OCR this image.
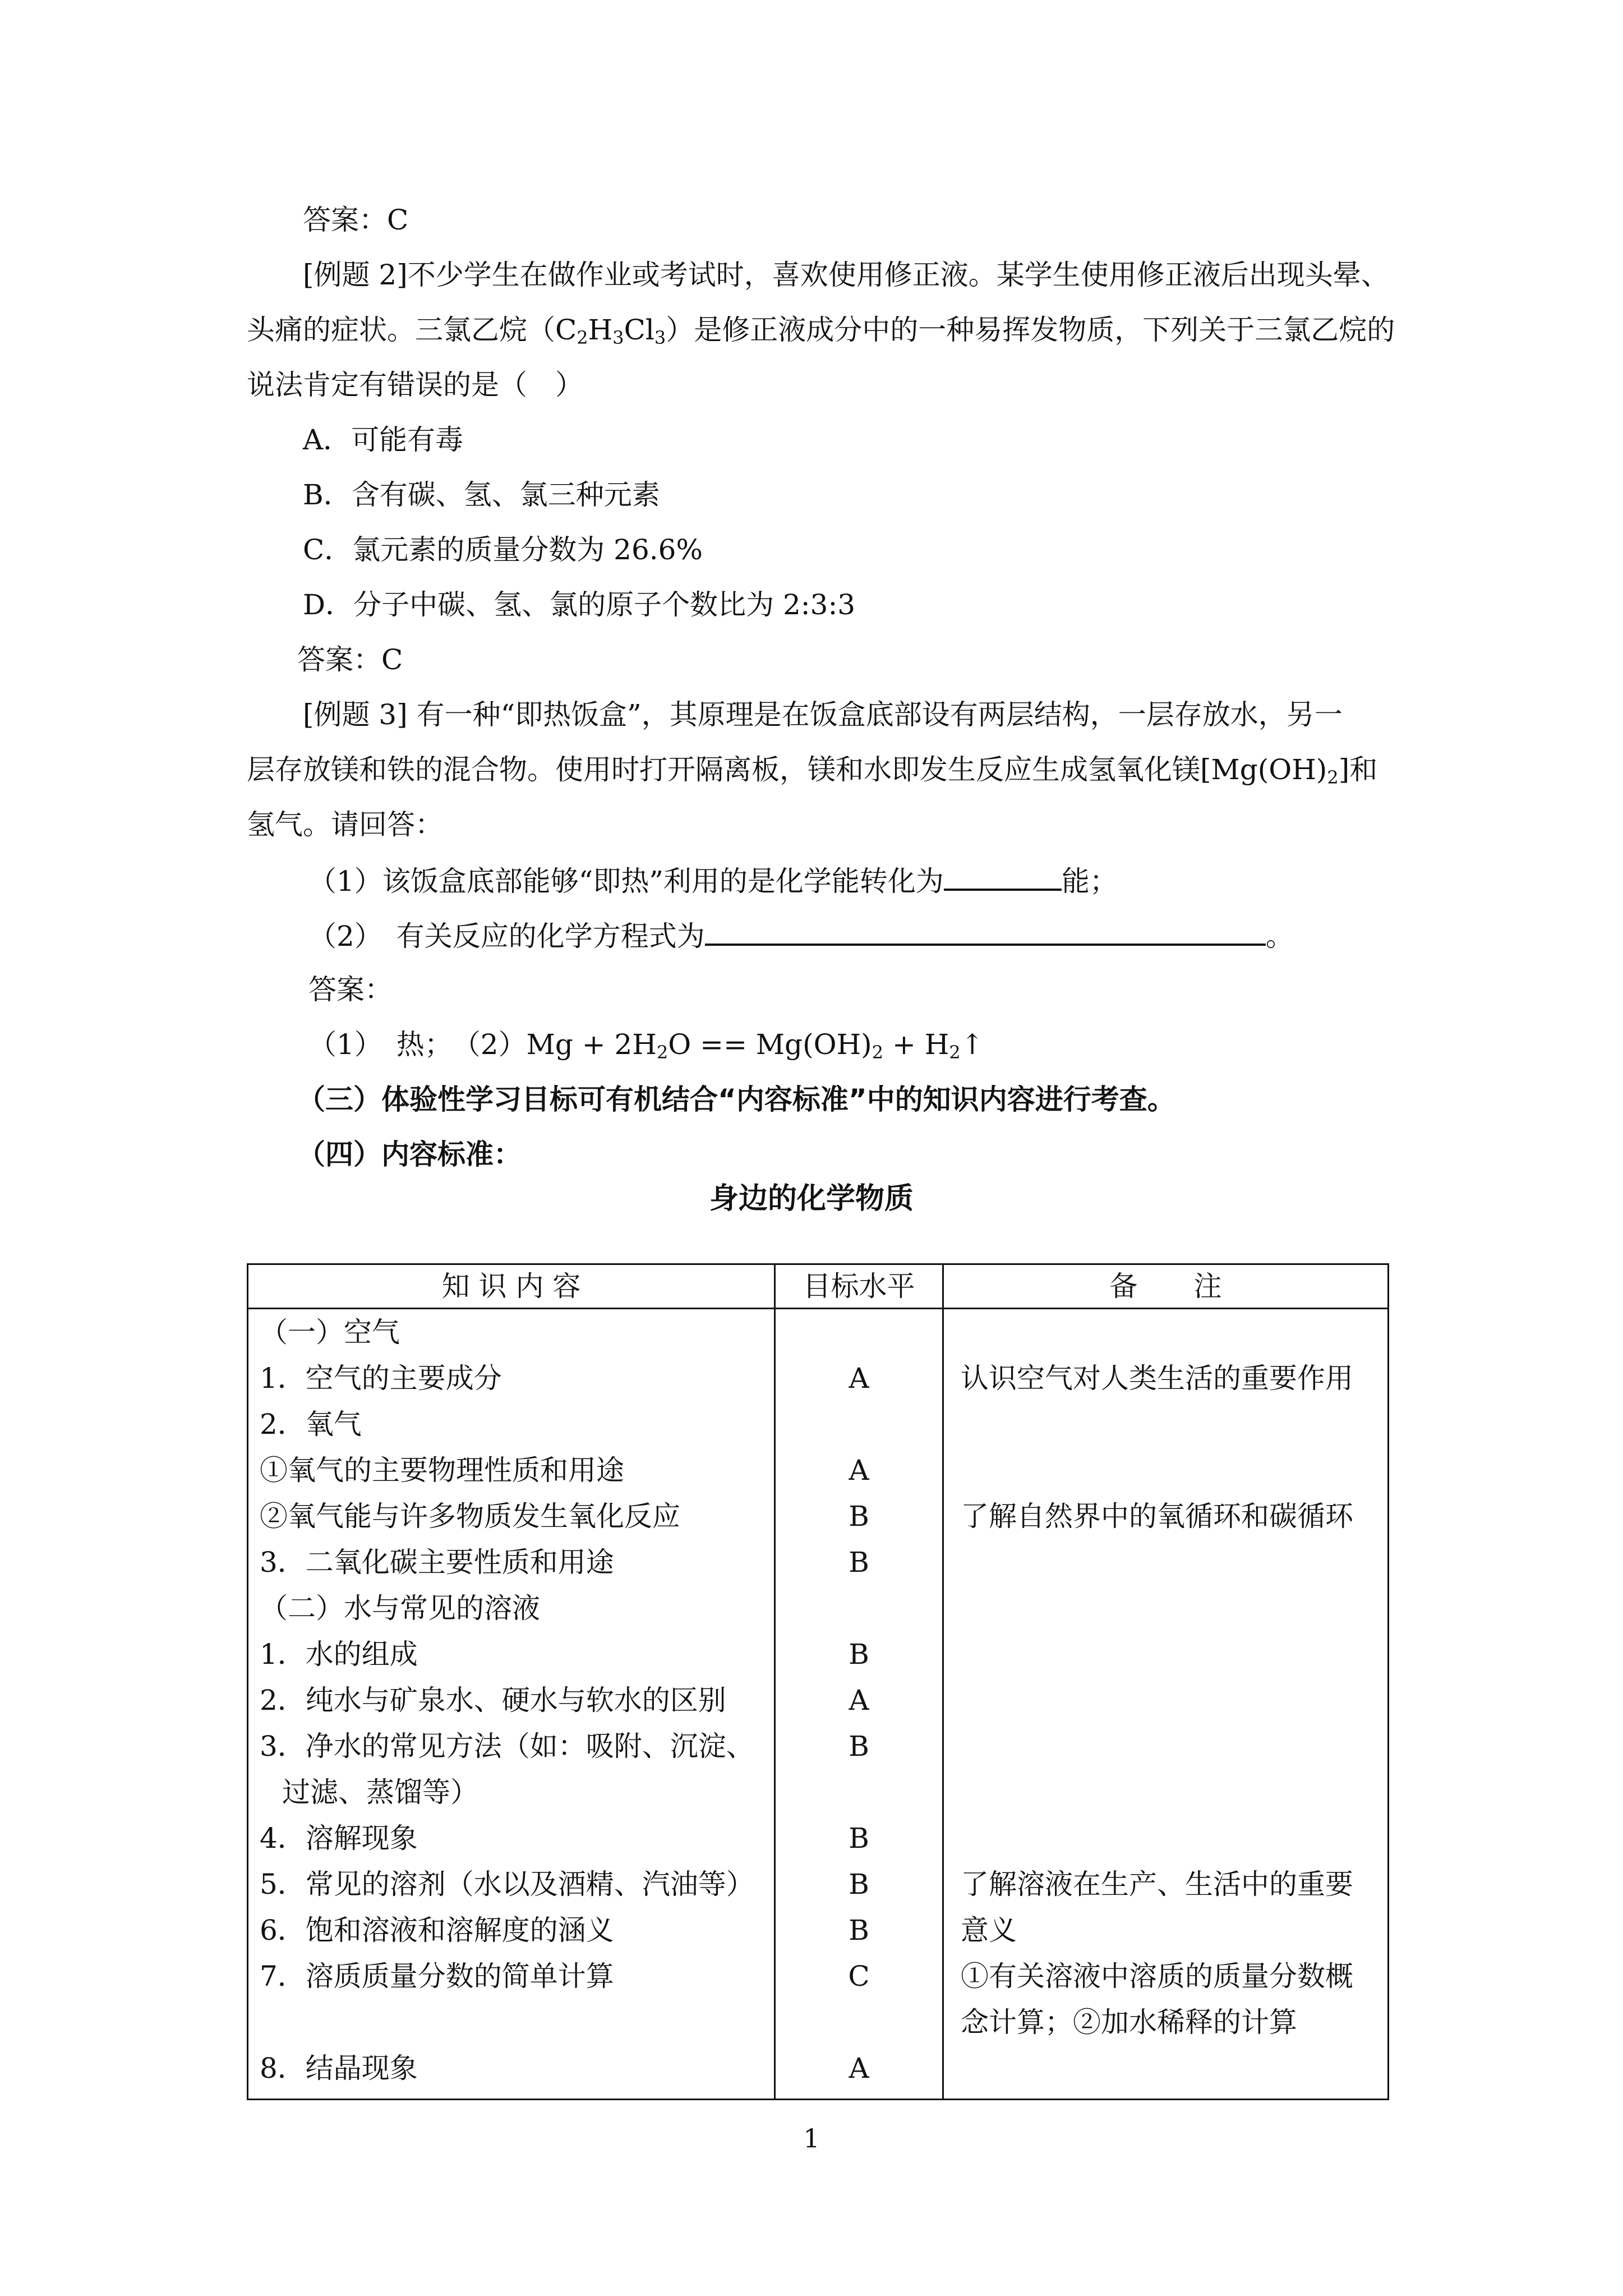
答案：C
[例题 2]不少学生在做作业或考试时，喜欢使用修正液。某学生使用修正液后出现头晕、
头痛的症状。三氯乙烷$(C_2H_3Cl_3)$是修正液成分中的一种易挥发物质，下列关于三氯乙烷的
说法肯定有错误的是（　）
A．可能有毒
B．含有碳、氢、氯三种元素
C．氯元素的质量分数为 26.6%
D．分子中碳、氢、氯的原子个数比为 2:3:3
答案：C
[例题 3] 有一种“即热饭盒”，其原理是在饭盒底部设有两层结构，一层存放水，另一
层存放镁和铁的混合物。使用时打开隔离板，镁和水即发生反应生成氢氧化镁$[Mg(OH)_2]$和
氢气。请回答：
（1）该饭盒底部能够“即热”利用的是化学能转化为	能；
（2）　有关反应的化学方程式为	。
答案：
（1）　热；　$(2)Mg + 2H_2O == Mg(OH)_2$ + $H_2↑$
（三）体验性学习目标可有机结合“内容标准”中的知识内容进行考查。
（四）内容标准：
身边的化学物质
知 识 内 容	目标水平	备　　注
（一）空气		
1．空气的主要成分	A	认识空气对人类生活的重要作用
2．氧气		
①氧气的主要物理性质和用途	A	
②氧气能与许多物质发生氧化反应	B	了解自然界中的氧循环和碳循环
3．二氧化碳主要性质和用途	B	
（二）水与常见的溶液		
1．水的组成	B	
2．纯水与矿泉水、硬水与软水的区别	A	
3．净水的常见方法（如：吸附、沉淀、	B	
过滤、蒸馏等）		
4．溶解现象	B	
5．常见的溶剂（水以及酒精、汽油等）	B	了解溶液在生产、生活中的重要
6．饱和溶液和溶解度的涵义	B	意义
7．溶质质量分数的简单计算	C	①有关溶液中溶质的质量分数概
		念计算；②加水稀释的计算
8．结晶现象	A	
1
